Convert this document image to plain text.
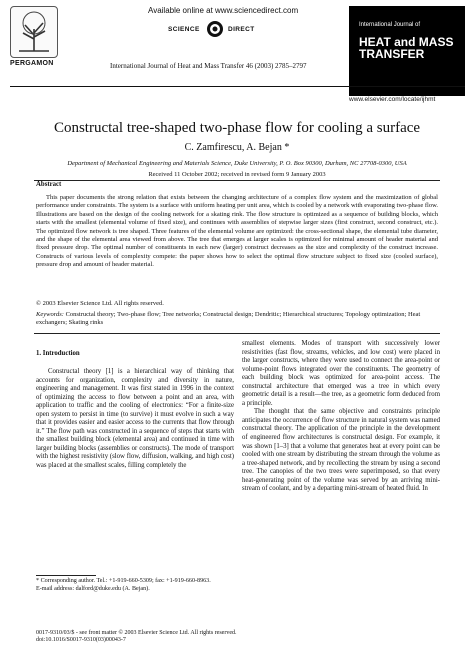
PERGAMON
Available online at www.sciencedirect.com
SCIENCE	DIRECT
International Journal of Heat and Mass Transfer 46 (2003) 2785–2797
International Journal of
HEAT and MASS TRANSFER
www.elsevier.com/locate/ijhmt
Constructal tree-shaped two-phase flow for cooling a surface
C. Zamfirescu, A. Bejan *
Department of Mechanical Engineering and Materials Science, Duke University, P. O. Box 90300, Durham, NC 27708-0300, USA
Received 11 October 2002; received in revised form 9 January 2003
Abstract
This paper documents the strong relation that exists between the changing architecture of a complex flow system and the maximization of global performance under constraints. The system is a surface with uniform heating per unit area, which is cooled by a network with evaporating two-phase flow. Illustrations are based on the design of the cooling network for a skating rink. The flow structure is optimized as a sequence of building blocks, which starts with the smallest (elemental volume of fixed size), and continues with assemblies of stepwise larger sizes (first construct, second construct, etc.). The optimized flow network is tree shaped. Three features of the elemental volume are optimized: the cross-sectional shape, the elemental tube diameter, and the shape of the elemental area viewed from above. The tree that emerges at larger scales is optimized for minimal amount of header material and fixed pressure drop. The optimal number of constituents in each new (larger) construct decreases as the size and complexity of the construct increase. Constructs of various levels of complexity compete: the paper shows how to select the optimal flow structure subject to fixed size (cooled surface), pressure drop and amount of header material.
© 2003 Elsevier Science Ltd. All rights reserved.
Keywords: Constructal theory; Two-phase flow; Tree networks; Constructal design; Dendritic; Hierarchical structures; Topology optimization; Heat exchangers; Skating rinks
1. Introduction

Constructal theory [1] is a hierarchical way of thinking that accounts for organization, complexity and diversity in nature, engineering and management. It was first stated in 1996 in the context of optimizing the access to flow between a point and an area, with application to traffic and the cooling of electronics: “For a finite-size open system to persist in time (to survive) it must evolve in such a way that it provides easier and easier access to the currents that flow through it.” The flow path was constructed in a sequence of steps that starts with the smallest building block (elemental area) and continued in time with larger building blocks (assemblies or constructs). The mode of transport with the highest resistivity (slow flow, diffusion, walking, and high cost) was placed at the smallest scales, filling completely the

smallest elements. Modes of transport with successively lower resistivities (fast flow, streams, vehicles, and low cost) were placed in the larger constructs, where they were used to connect the area-point or volume-point flows integrated over the constituents. The geometry of each building block was optimized for area-point access. The constructal architecture that emerged was a tree in which every geometric detail is a result—the tree, as a geometric form deduced from a principle.

The thought that the same objective and constraints principle anticipates the occurrence of flow structure in natural system was named constructal theory. The application of the principle in the development of engineered flow architectures is constructal design. For example, it was shown [1–3] that a volume that generates heat at every point can be cooled with one stream by distributing the stream through the volume as a tree-shaped network, and by recollecting the stream by using a second tree. The canopies of the two trees were superimposed, so that every heat-generating point of the volume was served by an arriving mini-stream of coolant, and by a departing mini-stream of heated fluid. In

* Corresponding author. Tel.: +1-919-660-5309; fax: +1-919-660-8963.
E-mail address: dalford@duke.edu (A. Bejan).
0017-9310/03/$ - see front matter © 2003 Elsevier Science Ltd. All rights reserved.
doi:10.1016/S0017-9310(03)00043-7
